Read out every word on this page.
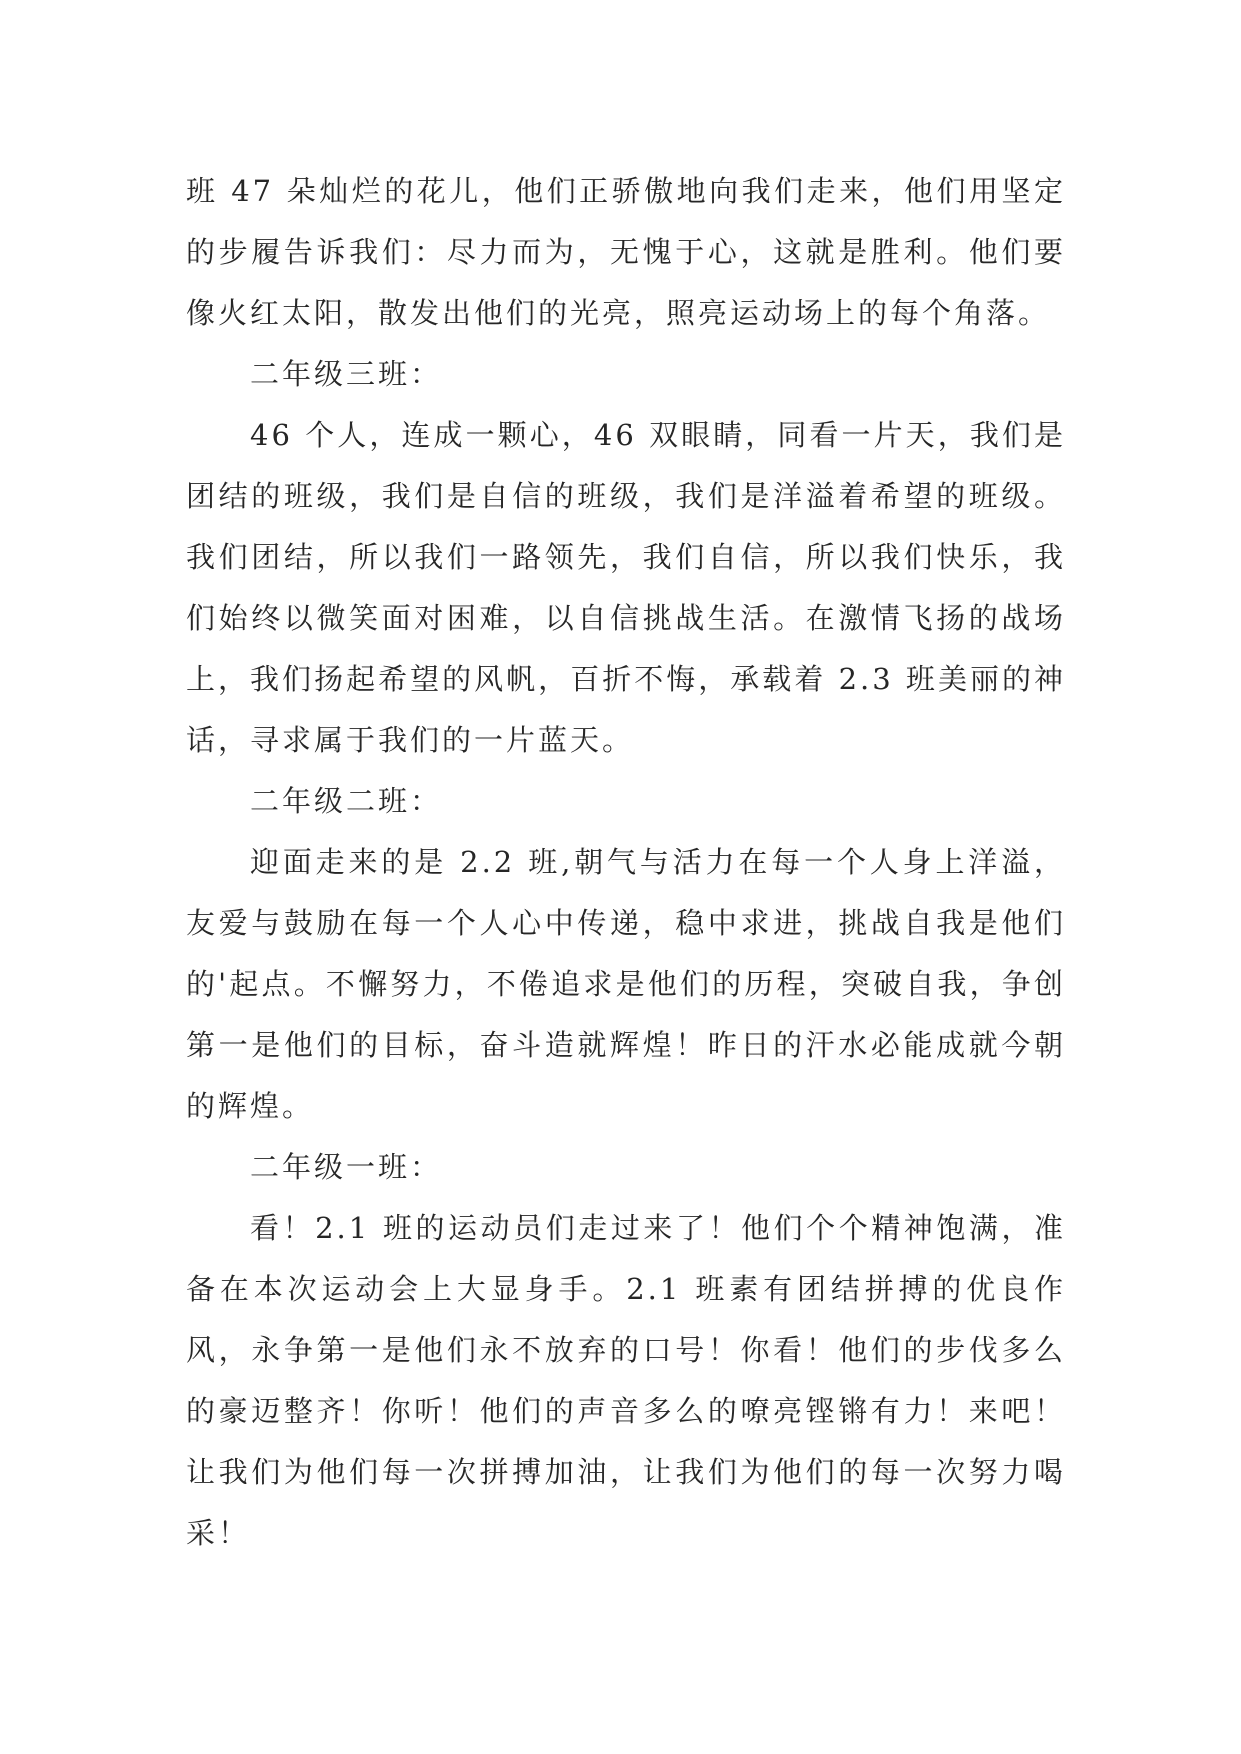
班 47 朵灿烂的花儿，他们正骄傲地向我们走来，他们用坚定的步履告诉我们：尽力而为，无愧于心，这就是胜利。他们要像火红太阳，散发出他们的光亮，照亮运动场上的每个角落。

二年级三班：

46 个人，连成一颗心，46 双眼睛，同看一片天，我们是团结的班级，我们是自信的班级，我们是洋溢着希望的班级。我们团结，所以我们一路领先，我们自信，所以我们快乐，我们始终以微笑面对困难，以自信挑战生活。在激情飞扬的战场上，我们扬起希望的风帆，百折不悔，承载着 2.3 班美丽的神话，寻求属于我们的一片蓝天。

二年级二班：

迎面走来的是 2.2 班,朝气与活力在每一个人身上洋溢，友爱与鼓励在每一个人心中传递，稳中求进，挑战自我是他们的'起点。不懈努力，不倦追求是他们的历程，突破自我，争创第一是他们的目标，奋斗造就辉煌！昨日的汗水必能成就今朝的辉煌。

二年级一班：

看！2.1 班的运动员们走过来了！他们个个精神饱满，准备在本次运动会上大显身手。2.1 班素有团结拼搏的优良作风，永争第一是他们永不放弃的口号！你看！他们的步伐多么的豪迈整齐！你听！他们的声音多么的嘹亮铿锵有力！来吧！让我们为他们每一次拼搏加油，让我们为他们的每一次努力喝采！
